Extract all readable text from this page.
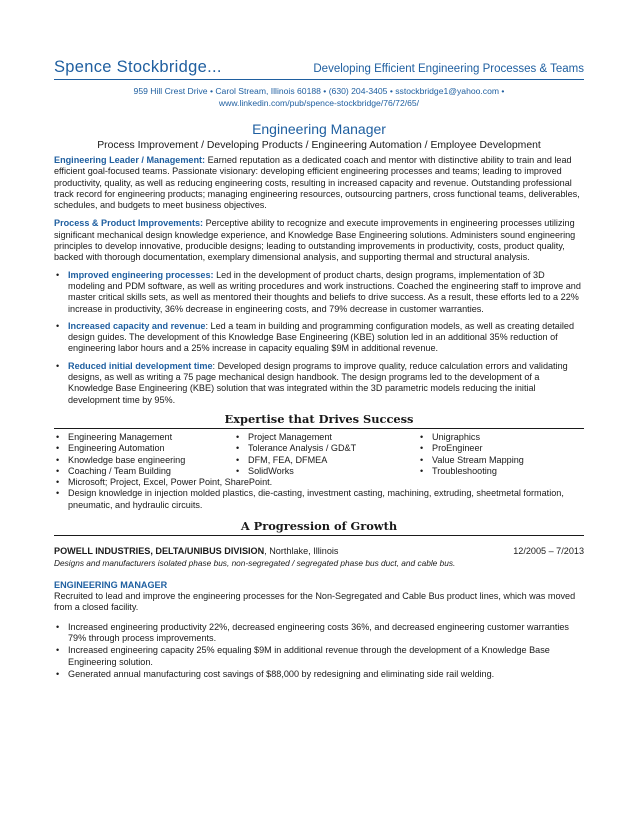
Spence Stockbridge...	Developing Efficient Engineering Processes & Teams
959 Hill Crest Drive • Carol Stream, Illinois 60188 • (630) 204-3405 • sstockbridge1@yahoo.com •
www.linkedin.com/pub/spence-stockbridge/76/72/65/
Engineering Manager
Process Improvement / Developing Products / Engineering Automation / Employee Development

Engineering Leader / Management: Earned reputation as a dedicated coach and mentor with distinctive ability to train and lead efficient goal-focused teams. Passionate visionary: developing efficient engineering processes and teams; leading to improved productivity, quality, as well as reducing engineering costs, resulting in increased capacity and revenue. Outstanding professional track record for engineering products; managing engineering resources, outsourcing partners, cross functional teams, deliverables, schedules, and budgets to meet business objectives.

Process & Product Improvements: Perceptive ability to recognize and execute improvements in engineering processes utilizing significant mechanical design knowledge experience, and Knowledge Base Engineering solutions. Administers sound engineering principles to develop innovative, producible designs; leading to outstanding improvements in productivity, costs, product quality, backed with thorough documentation, exemplary dimensional analysis, and supporting thermal and structural analysis.

• Improved engineering processes: Led in the development of product charts, design programs, implementation of 3D modeling and PDM software, as well as writing procedures and work instructions. Coached the engineering staff to improve and master critical skills sets, as well as mentored their thoughts and beliefs to drive success. As a result, these efforts led to a 22% increase in productivity, 36% decrease in engineering costs, and 79% decrease in customer warranties.
• Increased capacity and revenue: Led a team in building and programming configuration models, as well as creating detailed design guides. The development of this Knowledge Base Engineering (KBE) solution led in an additional 35% reduction of engineering labor hours and a 25% increase in capacity equaling $9M in additional revenue.
• Reduced initial development time: Developed design programs to improve quality, reduce calculation errors and validating designs, as well as writing a 75 page mechanical design handbook. The design programs led to the development of a Knowledge Base Engineering (KBE) solution that was integrated within the 3D parametric models reducing the initial development time by 95%.
Expertise that Drives Success
• Engineering Management	• Project Management	• Unigraphics
• Engineering Automation	• Tolerance Analysis / GD&T	• ProEngineer
• Knowledge base engineering	• DFM, FEA, DFMEA	• Value Stream Mapping
• Coaching / Team Building	• SolidWorks	• Troubleshooting
• Microsoft; Project, Excel, Power Point, SharePoint.
• Design knowledge in injection molded plastics, die-casting, investment casting, machining, extruding, sheetmetal formation, pneumatic, and hydraulic circuits.
A Progression of Growth
POWELL INDUSTRIES, DELTA/UNIBUS DIVISION, Northlake, Illinois	12/2005 – 7/2013
Designs and manufacturers isolated phase bus, non-segregated / segregated phase bus duct, and cable bus.
ENGINEERING MANAGER

Recruited to lead and improve the engineering processes for the Non-Segregated and Cable Bus product lines, which was moved from a closed facility.

• Increased engineering productivity 22%, decreased engineering costs 36%, and decreased engineering customer warranties 79% through process improvements.
• Increased engineering capacity 25% equaling $9M in additional revenue through the development of a Knowledge Base Engineering solution.
• Generated annual manufacturing cost savings of $88,000 by redesigning and eliminating side rail welding.
